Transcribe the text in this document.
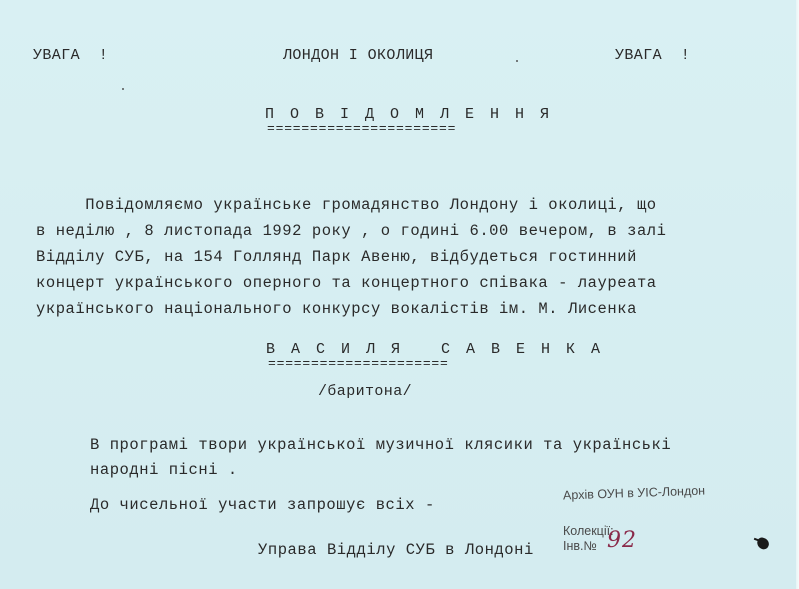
УВАГА  !	ЛОНДОН І ОКОЛИЦЯ	УВАГА  !
П О В І Д О М Л Е Н Н Я
======================
Повідомляємо українське громадянство Лондону і околиці, що
в неділю , 8 листопада 1992 року , о годині 6.00 вечером, в залі
Відділу СУБ, на 154 Голлянд Парк Авеню, відбудеться гостинний
концерт українського оперного та концертного співака - лауреата
українського національного конкурсу вокалістів ім. М. Лисенка
В А С И Л Я   С А В Е Н К А
=====================
/баритона/
В програмі твори української музичної клясики та українські
народні пісні .
До чисельної участи запрошує всіх -
Управа Відділу СУБ в Лондоні
Архів ОУН в УІС-Лондон
Колекції:
Інв.№ 92
